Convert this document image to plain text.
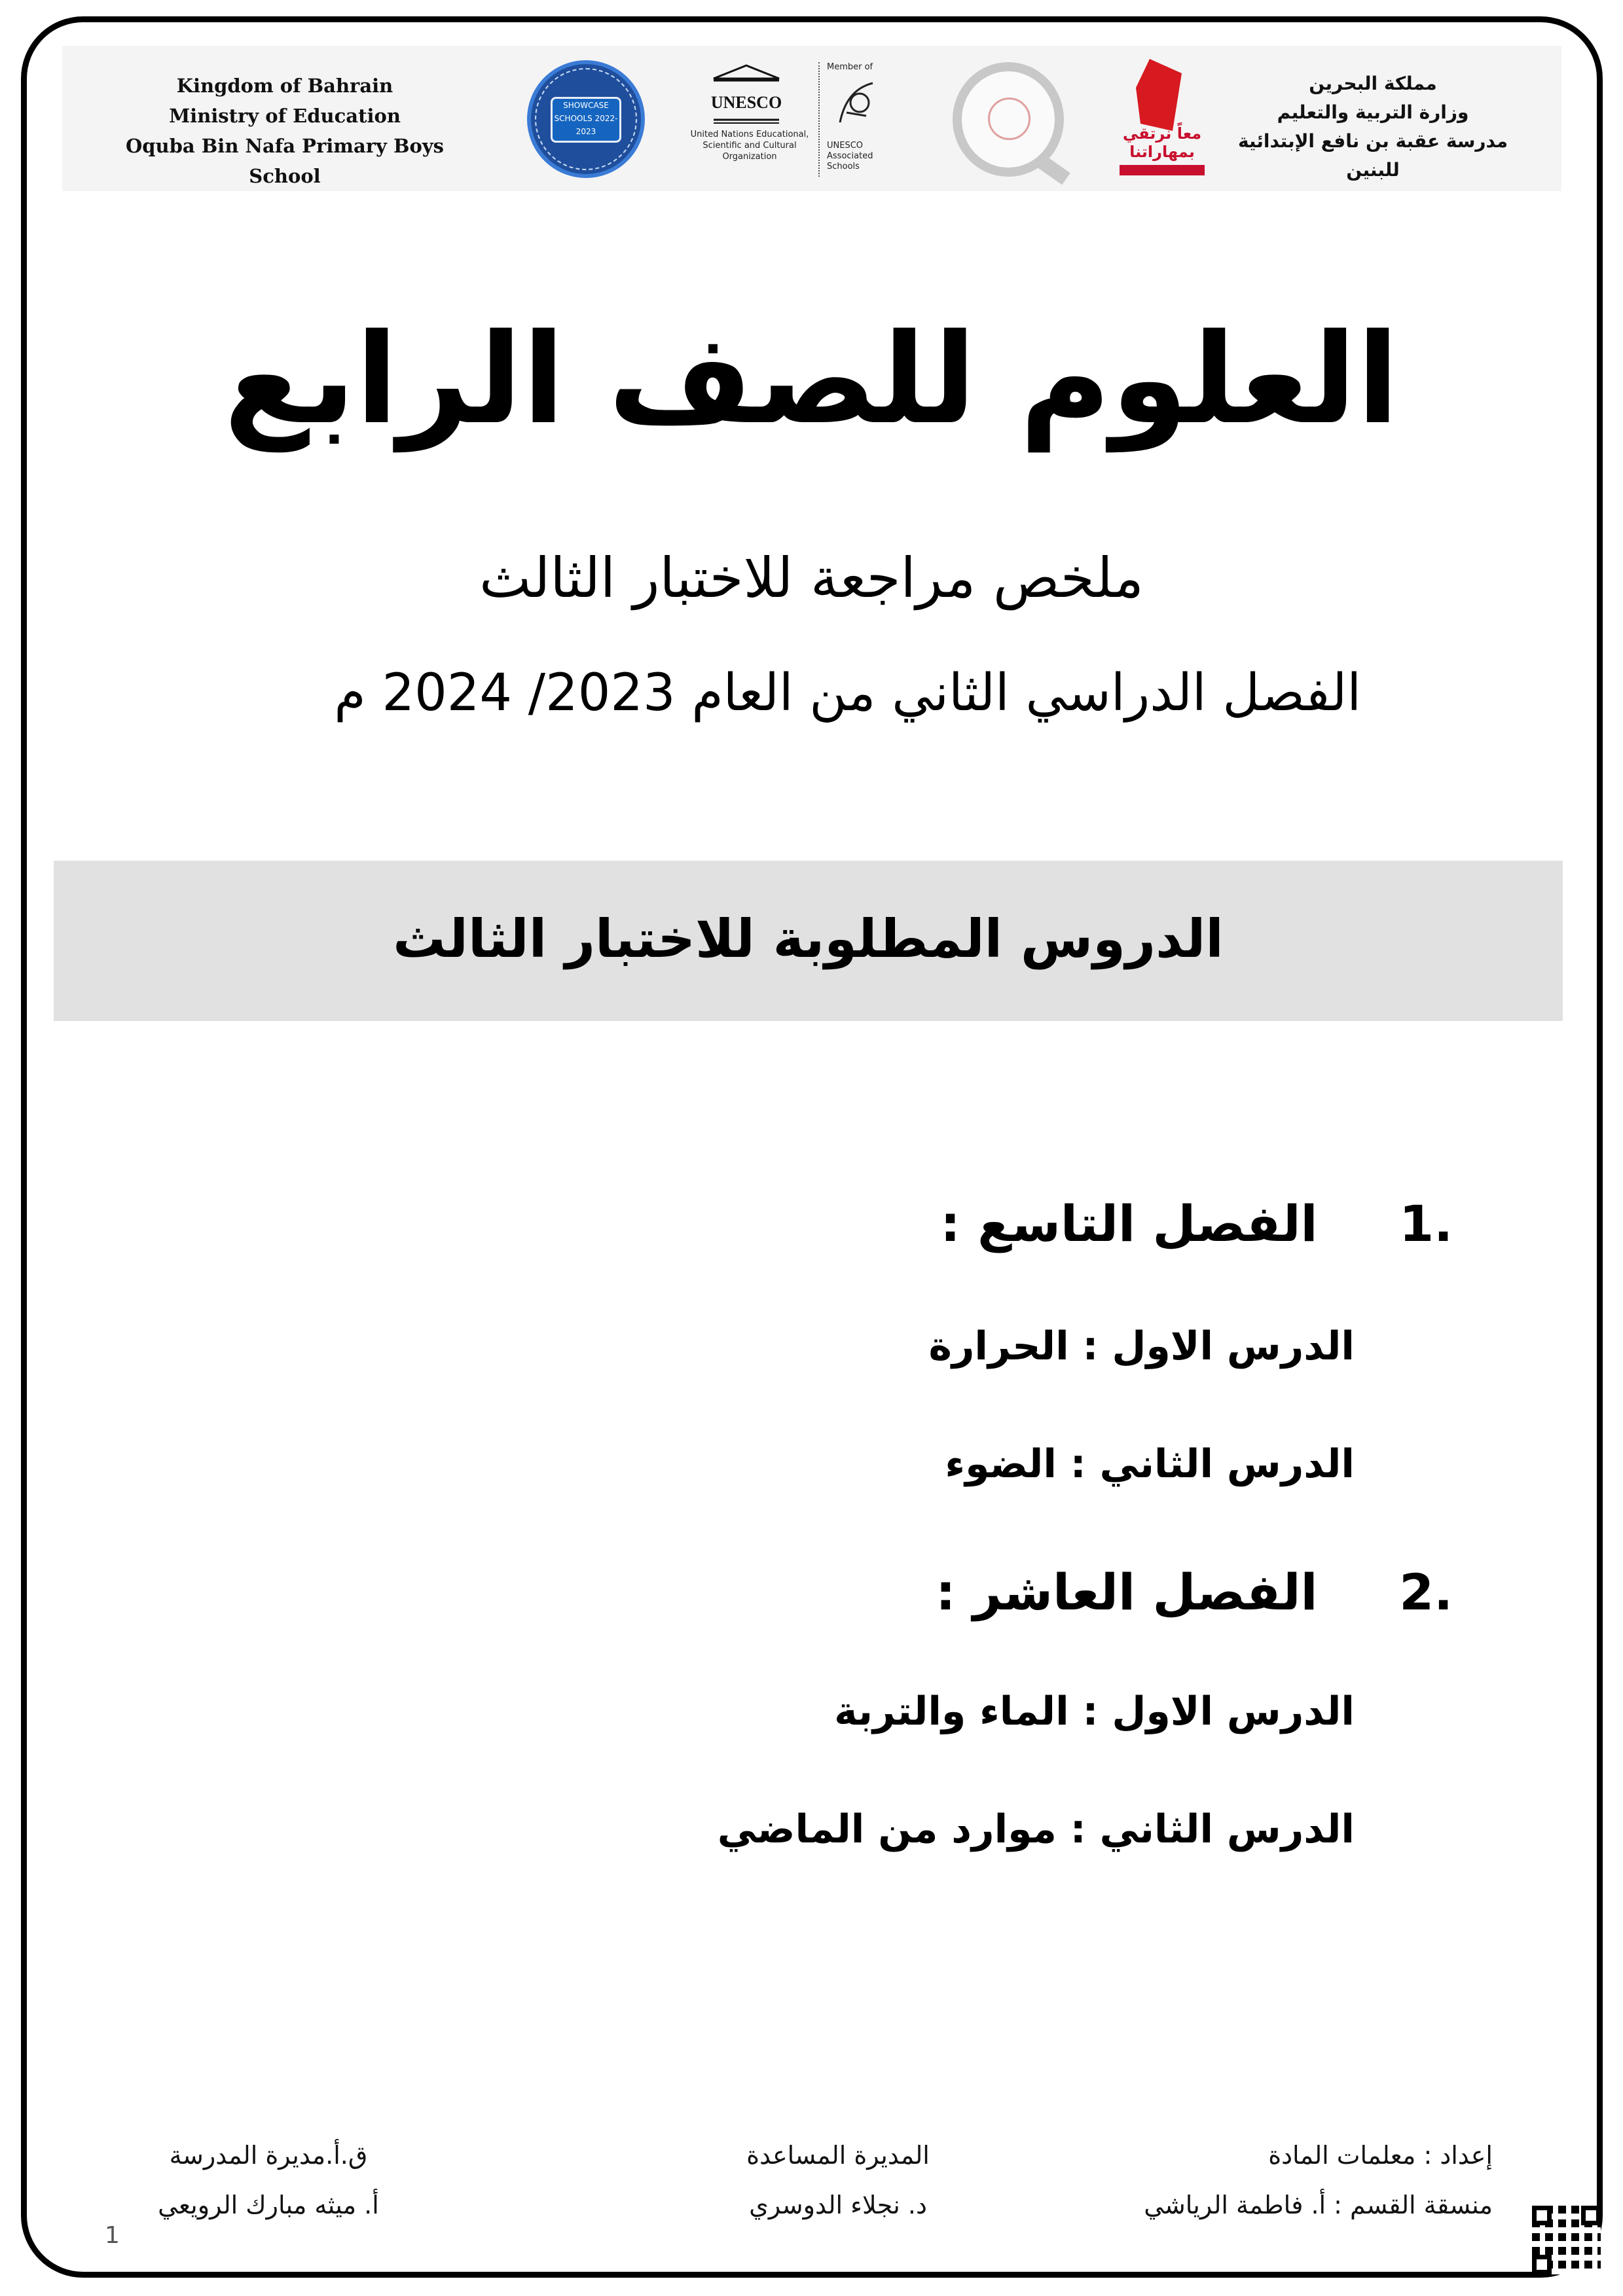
Kingdom of Bahrain
Ministry of Education
Oquba Bin Nafa Primary Boys School
SHOWCASE SCHOOLS 2022-2023
UNESCO
United Nations Educational, Scientific and Cultural Organization
Member of
UNESCO Associated Schools
معاً نرتقي بمهاراتنا
مملكة البحرين
وزارة التربية والتعليم
مدرسة عقبة بن نافع الإبتدائية للبنين
العلوم للصف الرابع
ملخص مراجعة للاختبار الثالث
الفصل الدراسي الثاني من العام 2023/ 2024 م
الدروس المطلوبة للاختبار الثالث
.1 الفصل التاسع :
الدرس الاول : الحرارة
الدرس الثاني : الضوء
.2 الفصل العاشر :
الدرس الاول : الماء والتربة
الدرس الثاني : موارد من الماضي
إعداد : معلمات المادة
منسقة القسم : أ. فاطمة الرياشي
المديرة المساعدة
د. نجلاء الدوسري
ق.أ.مديرة المدرسة
أ. ميثه مبارك الرويعي
1
